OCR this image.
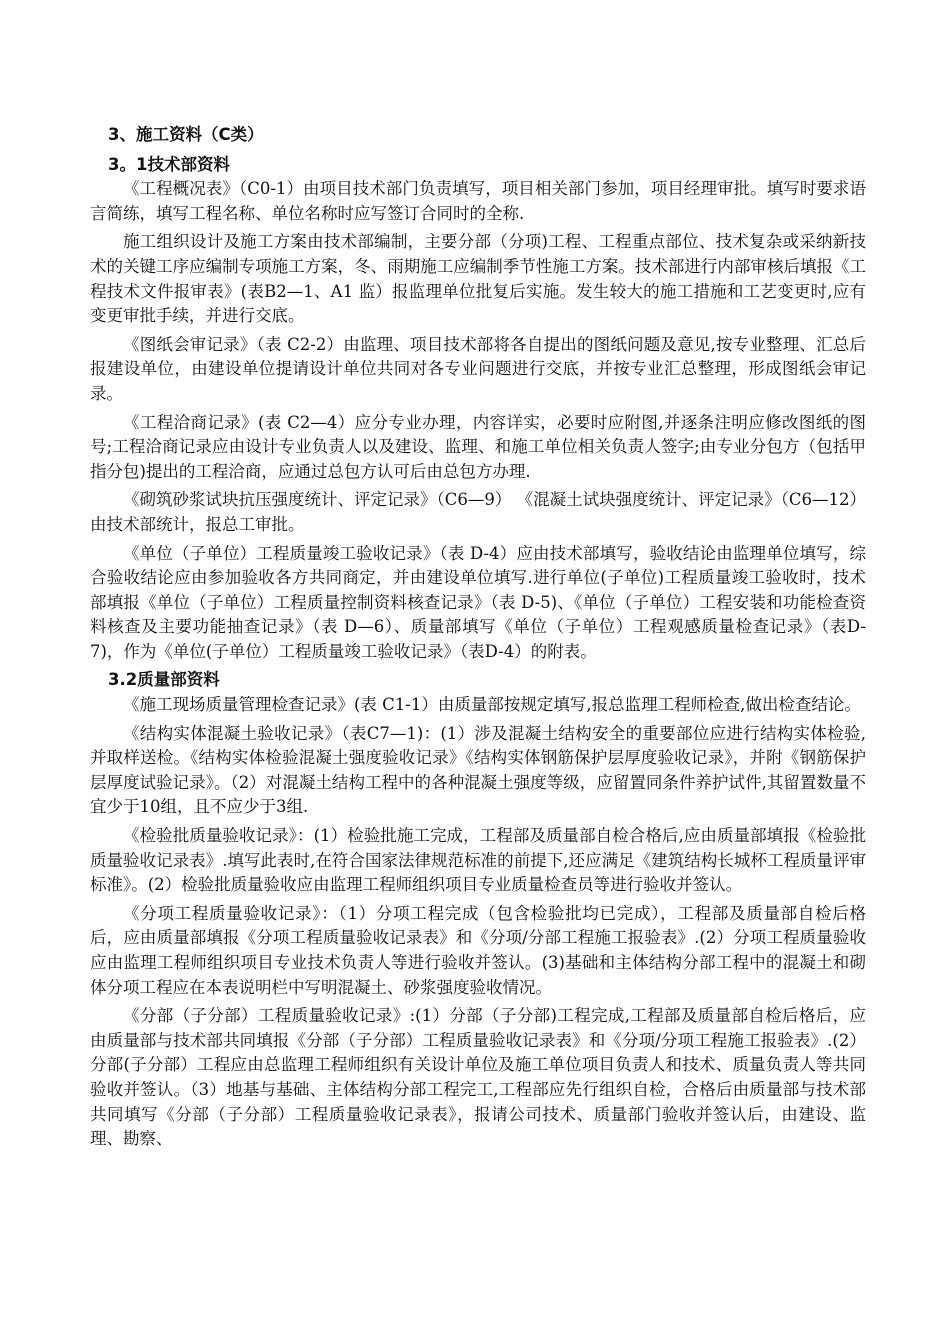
3、施工资料（C类）
3。1技术部资料
《工程概况表》（C0-1）由项目技术部门负责填写，项目相关部门参加，项目经理审批。填写时要求语言简练，填写工程名称、单位名称时应写签订合同时的全称.
施工组织设计及施工方案由技术部编制，主要分部（分项)工程、工程重点部位、技术复杂或采纳新技术的关键工序应编制专项施工方案，冬、雨期施工应编制季节性施工方案。技术部进行内部审核后填报《工程技术文件报审表》(表B2—1、A1 监）报监理单位批复后实施。发生较大的施工措施和工艺变更时,应有变更审批手续，并进行交底。
《图纸会审记录》（表 C2-2）由监理、项目技术部将各自提出的图纸问题及意见,按专业整理、汇总后报建设单位，由建设单位提请设计单位共同对各专业问题进行交底，并按专业汇总整理，形成图纸会审记录。
《工程洽商记录》(表 C2—4）应分专业办理，内容详实，必要时应附图,并逐条注明应修改图纸的图号;工程洽商记录应由设计专业负责人以及建设、监理、和施工单位相关负责人签字;由专业分包方（包括甲指分包)提出的工程洽商，应通过总包方认可后由总包方办理.
《砌筑砂浆试块抗压强度统计、评定记录》（C6—9） 《混凝土试块强度统计、评定记录》（C6—12）由技术部统计，报总工审批。
《单位（子单位）工程质量竣工验收记录》（表 D-4）应由技术部填写，验收结论由监理单位填写，综合验收结论应由参加验收各方共同商定，并由建设单位填写.进行单位(子单位)工程质量竣工验收时，技术部填报《单位（子单位）工程质量控制资料核查记录》（表 D-5)、《单位（子单位）工程安装和功能检查资料核查及主要功能抽查记录》（表 D—6）、质量部填写《单位（子单位）工程观感质量检查记录》（表D-7)，作为《单位(子单位）工程质量竣工验收记录》（表D-4）的附表。
3.2质量部资料
《施工现场质量管理检查记录》(表 C1-1）由质量部按规定填写,报总监理工程师检查,做出检查结论。
《结构实体混凝土验收记录》（表C7—1)：(1）涉及混凝土结构安全的重要部位应进行结构实体检验,并取样送检。《结构实体检验混凝土强度验收记录》《结构实体钢筋保护层厚度验收记录》，并附《钢筋保护层厚度试验记录》。（2）对混凝土结构工程中的各种混凝土强度等级，应留置同条件养护试件,其留置数量不宜少于10组，且不应少于3组.
《检验批质量验收记录》：(1）检验批施工完成，工程部及质量部自检合格后,应由质量部填报《检验批质量验收记录表》.填写此表时,在符合国家法律规范标准的前提下,还应满足《建筑结构长城杯工程质量评审标准》。(2）检验批质量验收应由监理工程师组织项目专业质量检查员等进行验收并签认。
《分项工程质量验收记录》：（1）分项工程完成（包含检验批均已完成），工程部及质量部自检后格后，应由质量部填报《分项工程质量验收记录表》和《分项/分部工程施工报验表》.(2）分项工程质量验收应由监理工程师组织项目专业技术负责人等进行验收并签认。(3)基础和主体结构分部工程中的混凝土和砌体分项工程应在本表说明栏中写明混凝土、砂浆强度验收情况。
《分部（子分部）工程质量验收记录》:(1）分部（子分部)工程完成,工程部及质量部自检后格后，应由质量部与技术部共同填报《分部（子分部）工程质量验收记录表》和《分项/分项工程施工报验表》.(2）分部(子分部）工程应由总监理工程师组织有关设计单位及施工单位项目负责人和技术、质量负责人等共同验收并签认。（3）地基与基础、主体结构分部工程完工,工程部应先行组织自检，合格后由质量部与技术部共同填写《分部（子分部）工程质量验收记录表》，报请公司技术、质量部门验收并签认后，由建设、监理、勘察、
